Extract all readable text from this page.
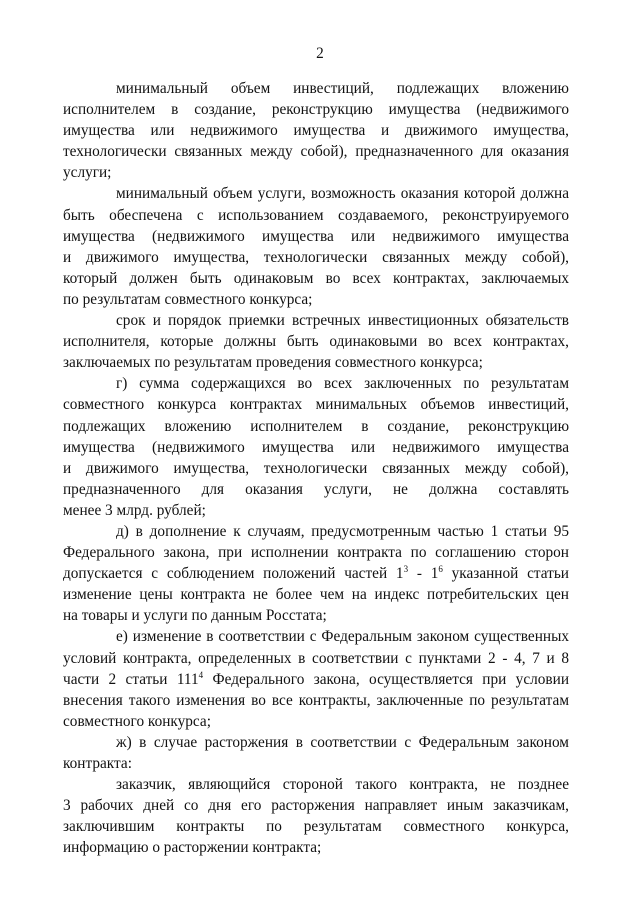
2
минимальный объем инвестиций, подлежащих вложению
исполнителем в создание, реконструкцию имущества (недвижимого
имущества или недвижимого имущества и движимого имущества,
технологически связанных между собой), предназначенного для оказания
услуги;
минимальный объем услуги, возможность оказания которой должна
быть обеспечена с использованием создаваемого, реконструируемого
имущества (недвижимого имущества или недвижимого имущества
и движимого имущества, технологически связанных между собой),
который должен быть одинаковым во всех контрактах, заключаемых
по результатам совместного конкурса;
срок и порядок приемки встречных инвестиционных обязательств
исполнителя, которые должны быть одинаковыми во всех контрактах,
заключаемых по результатам проведения совместного конкурса;
г) сумма содержащихся во всех заключенных по результатам
совместного конкурса контрактах минимальных объемов инвестиций,
подлежащих вложению исполнителем в создание, реконструкцию
имущества (недвижимого имущества или недвижимого имущества
и движимого имущества, технологически связанных между собой),
предназначенного для оказания услуги, не должна составлять
менее 3 млрд. рублей;
д) в дополнение к случаям, предусмотренным частью 1 статьи 95
Федерального закона, при исполнении контракта по соглашению сторон
допускается с соблюдением положений частей $1^3 - 1^6$ указанной статьи
изменение цены контракта не более чем на индекс потребительских цен
на товары и услуги по данным Росстата;
е) изменение в соответствии с Федеральным законом существенных
условий контракта, определенных в соответствии с пунктами 2 - 4, 7 и 8
части 2 статьи $111^4$ Федерального закона, осуществляется при условии
внесения такого изменения во все контракты, заключенные по результатам
совместного конкурса;
ж) в случае расторжения в соответствии с Федеральным законом
контракта:
заказчик, являющийся стороной такого контракта, не позднее
3 рабочих дней со дня его расторжения направляет иным заказчикам,
заключившим контракты по результатам совместного конкурса,
информацию о расторжении контракта;
